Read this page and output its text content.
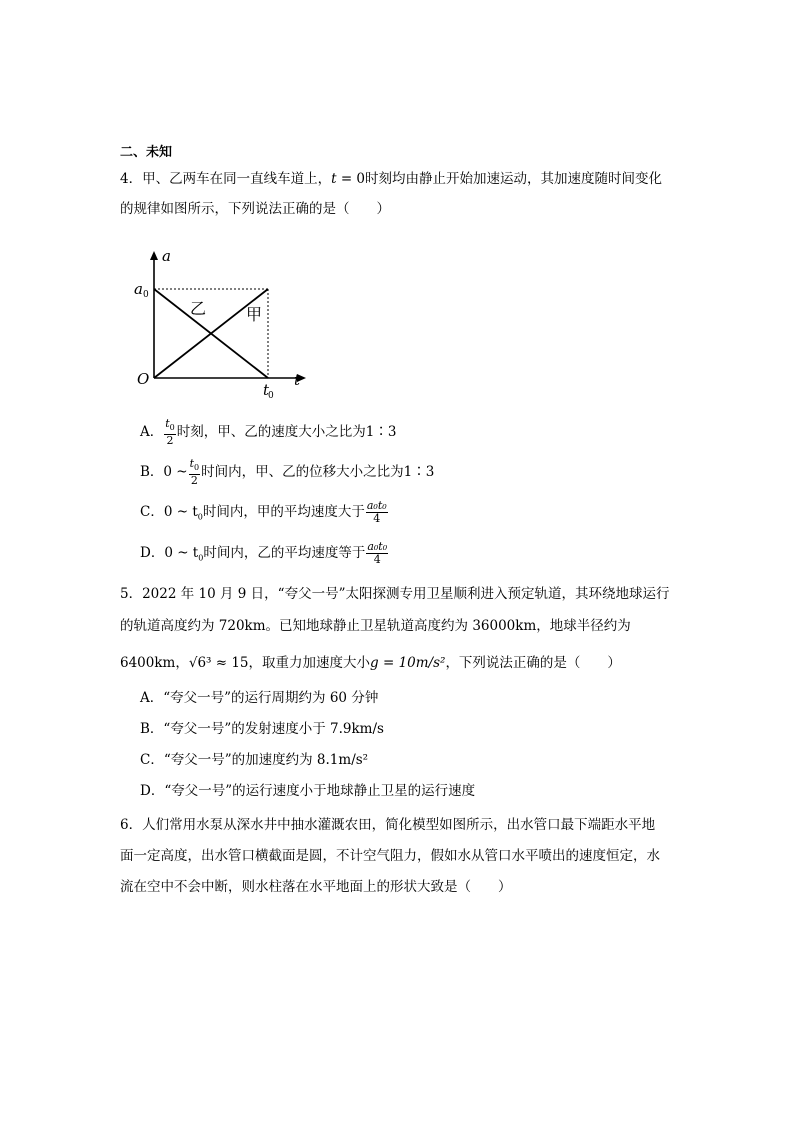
二、未知
4．甲、乙两车在同一直线车道上，t = 0时刻均由静止开始加速运动，其加速度随时间变化
的规律如图所示，下列说法正确的是（　　）
a
t
O
a 0
t
0
乙 甲
A． $\frac{t_0}{2}$ 时刻，甲、乙的速度大小之比为1∶3
B．0 ~ $\frac{t_0}{2}$ 时间内，甲、乙的位移大小之比为1∶3
C．0 ~ $t_0$时间内，甲的平均速度大于 $\frac{\text{a₀t₀}}{4}$
D．0 ~ $t_0$时间内，乙的平均速度等于 $\frac{\text{a₀t₀}}{4}$
5．2022 年 10 月 9 日，“夸父一号”太阳探测专用卫星顺利进入预定轨道，其环绕地球运行
的轨道高度约为 720km。已知地球静止卫星轨道高度约为 36000km，地球半径约为
6400km，√6³ ≈ 15，取重力加速度大小g = 10m/s²，下列说法正确的是（　　）
A．“夸父一号”的运行周期约为 60 分钟
B．“夸父一号”的发射速度小于 7.9km/s
C．“夸父一号”的加速度约为 8.1m/s²
D．“夸父一号”的运行速度小于地球静止卫星的运行速度
6．人们常用水泵从深水井中抽水灌溉农田，简化模型如图所示，出水管口最下端距水平地
面一定高度，出水管口横截面是圆，不计空气阻力，假如水从管口水平喷出的速度恒定，水
流在空中不会中断，则水柱落在水平地面上的形状大致是（　　）
